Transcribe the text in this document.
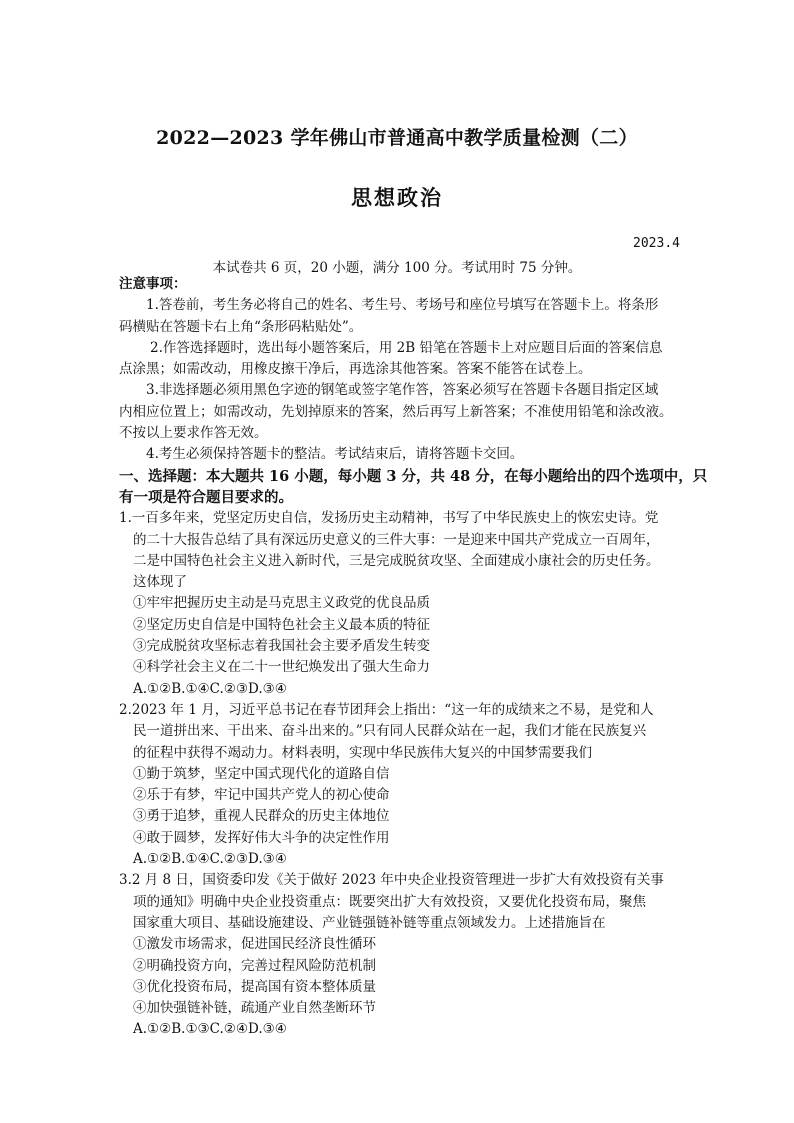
2022—2023 学年佛山市普通高中教学质量检测（二）
思想政治
2023.4
本试卷共 6 页，20 小题，满分 100 分。考试用时 75 分钟。
注意事项：
1.答卷前，考生务必将自己的姓名、考生号、考场号和座位号填写在答题卡上。将条形
码横贴在答题卡右上角“条形码粘贴处”。
2.作答选择题时，选出每小题答案后，用 2B 铅笔在答题卡上对应题目后面的答案信息
点涂黑；如需改动，用橡皮擦干净后，再选涂其他答案。答案不能答在试卷上。
3.非选择题必须用黑色字迹的钢笔或签字笔作答，答案必须写在答题卡各题目指定区域
内相应位置上；如需改动，先划掉原来的答案，然后再写上新答案；不准使用铅笔和涂改液。
不按以上要求作答无效。
4.考生必须保持答题卡的整洁。考试结束后，请将答题卡交回。
一、选择题：本大题共 16 小题，每小题 3 分，共 48 分，在每小题给出的四个选项中，只
有一项是符合题目要求的。
1.一百多年来，党坚定历史自信，发扬历史主动精神，书写了中华民族史上的恢宏史诗。党
的二十大报告总结了具有深远历史意义的三件大事：一是迎来中国共产党成立一百周年，
二是中国特色社会主义进入新时代，三是完成脱贫攻坚、全面建成小康社会的历史任务。
这体现了
①牢牢把握历史主动是马克思主义政党的优良品质
②坚定历史自信是中国特色社会主义最本质的特征
③完成脱贫攻坚标志着我国社会主要矛盾发生转变
④科学社会主义在二十一世纪焕发出了强大生命力
A.①②B.①④C.②③D.③④
2.2023 年 1 月，习近平总书记在春节团拜会上指出：“这一年的成绩来之不易，是党和人
民一道拼出来、干出来、奋斗出来的。”只有同人民群众站在一起，我们才能在民族复兴
的征程中获得不竭动力。材料表明，实现中华民族伟大复兴的中国梦需要我们
①勤于筑梦，坚定中国式现代化的道路自信
②乐于有梦，牢记中国共产党人的初心使命
③勇于追梦，重视人民群众的历史主体地位
④敢于圆梦，发挥好伟大斗争的决定性作用
A.①②B.①④C.②③D.③④
3.2 月 8 日，国资委印发《关于做好 2023 年中央企业投资管理进一步扩大有效投资有关事
项的通知》明确中央企业投资重点：既要突出扩大有效投资，又要优化投资布局，聚焦
国家重大项目、基础设施建设、产业链强链补链等重点领域发力。上述措施旨在
①激发市场需求，促进国民经济良性循环
②明确投资方向，完善过程风险防范机制
③优化投资布局，提高国有资本整体质量
④加快强链补链，疏通产业自然垄断环节
A.①②B.①③C.②④D.③④
